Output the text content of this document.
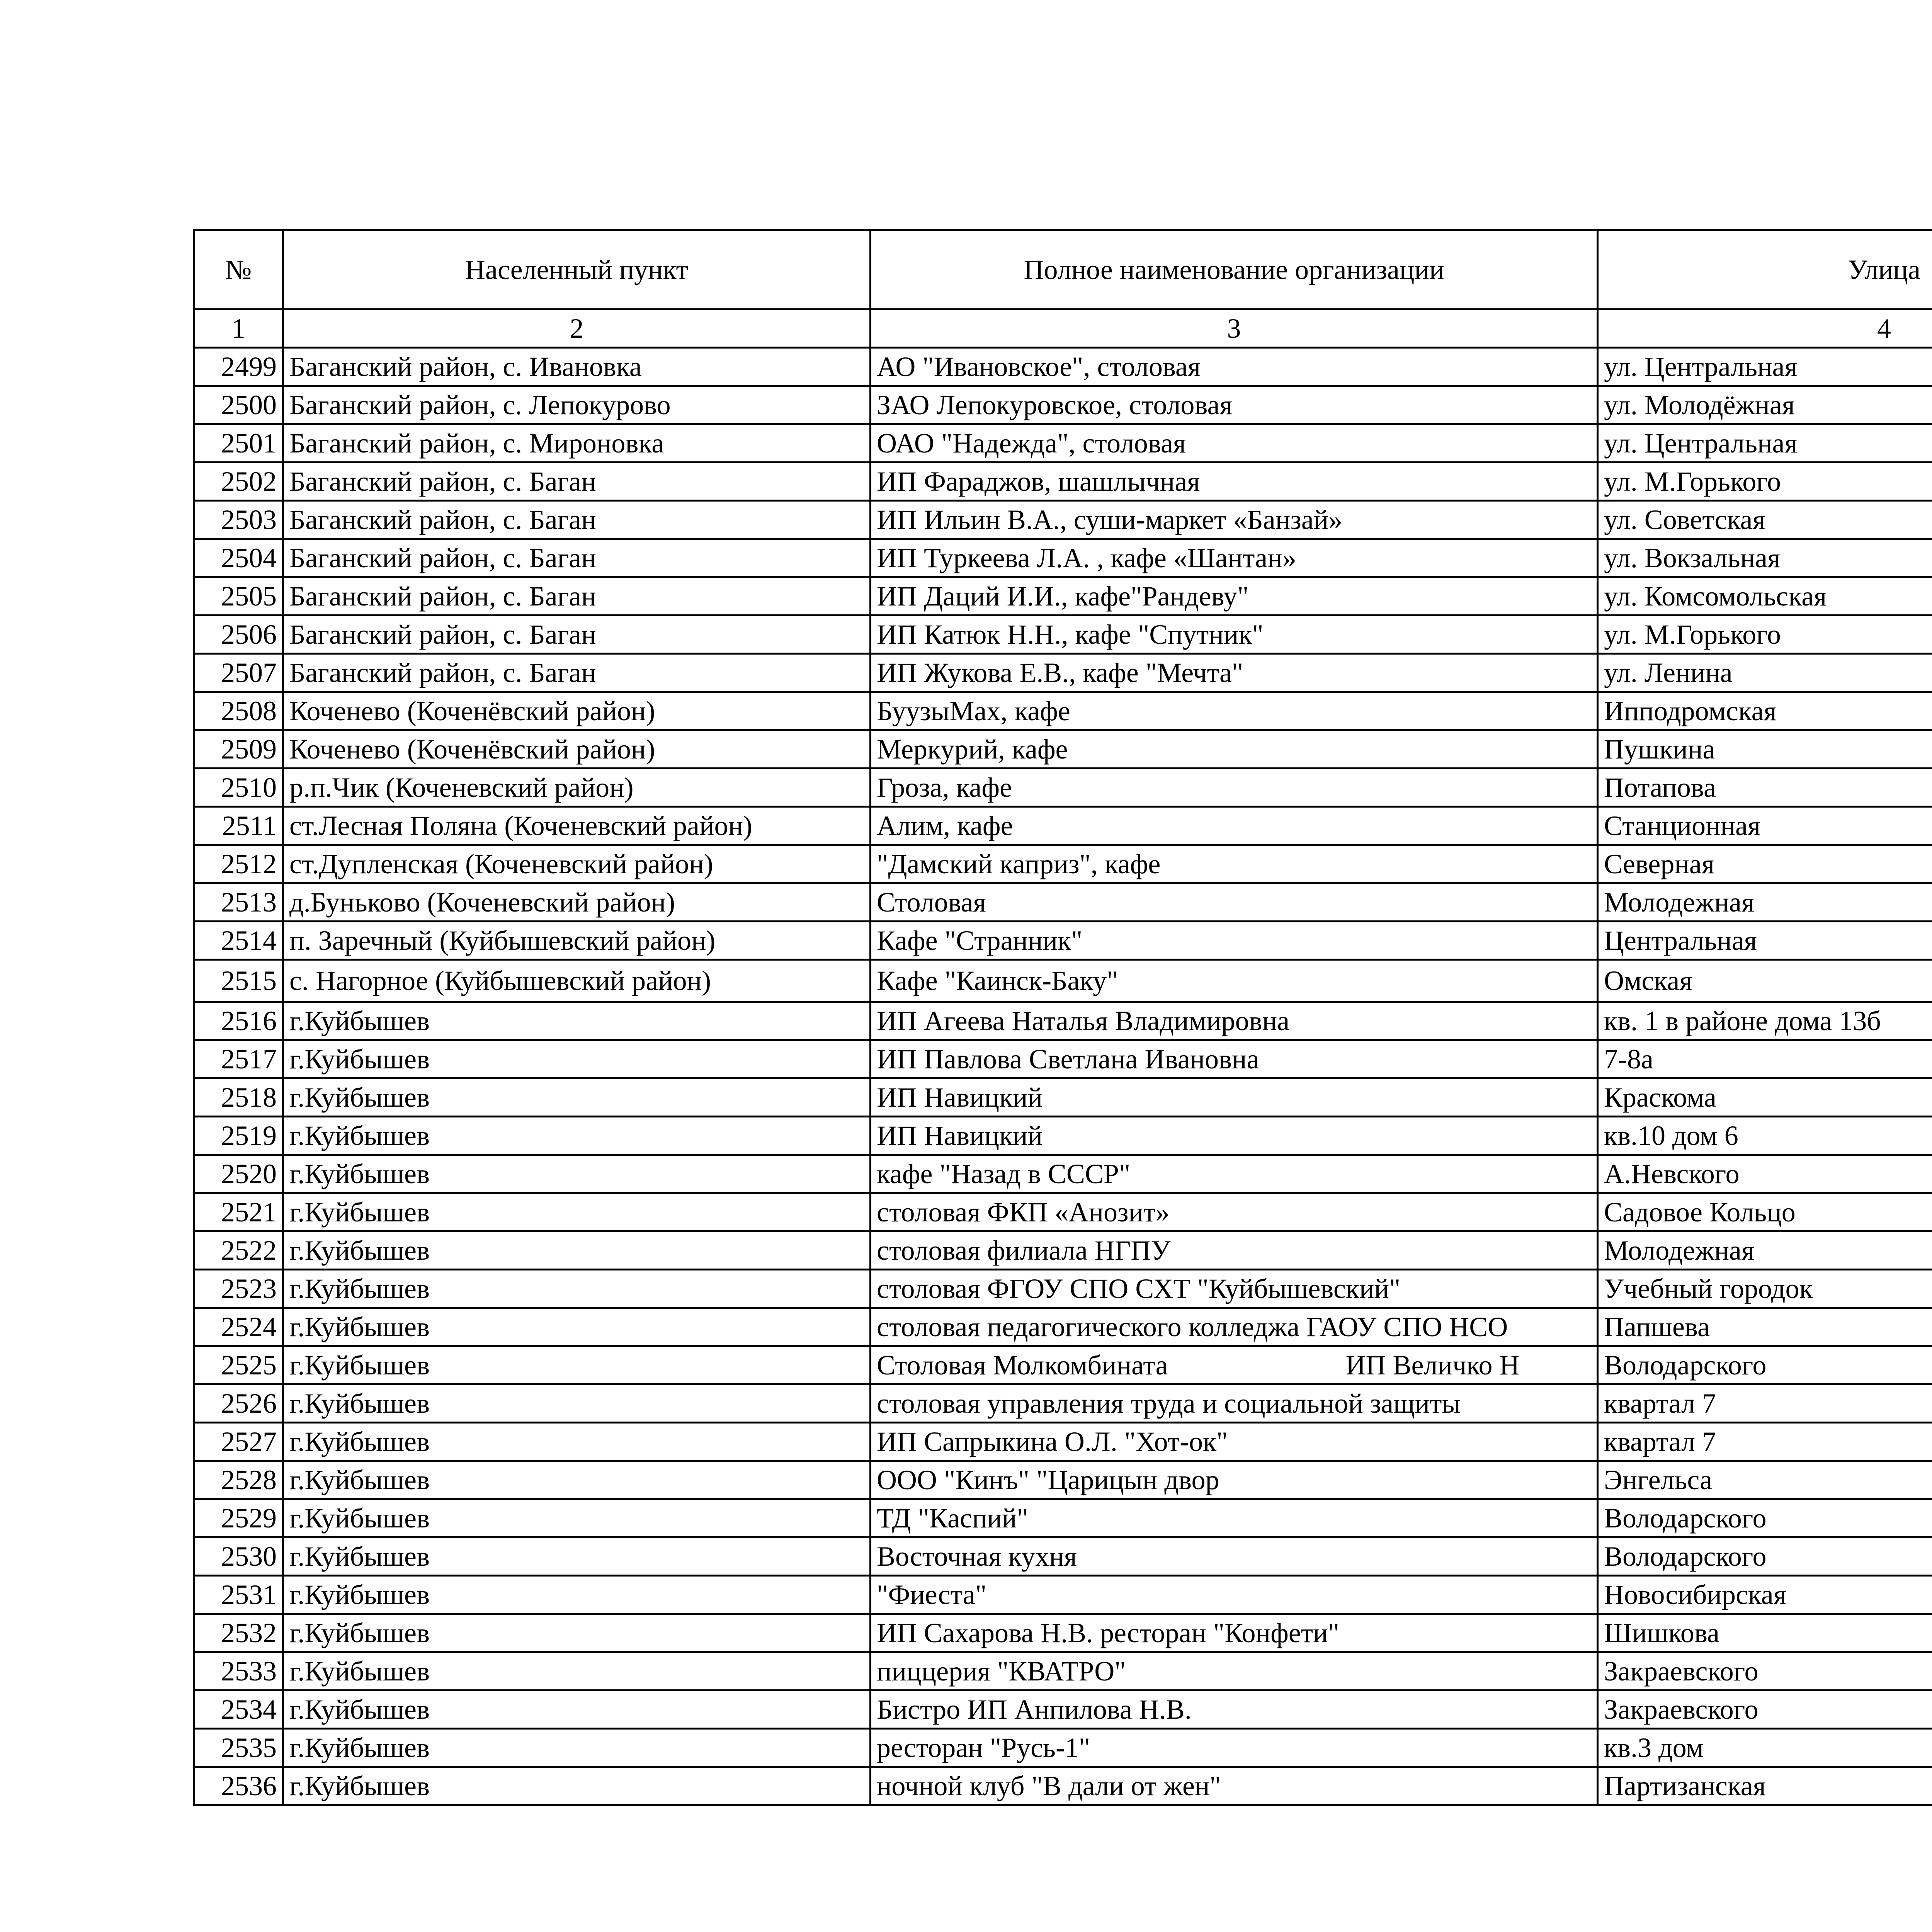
№	Населенный пункт	Полное наименование организации	Улица	
1	2	3	4	
2499	Баганский район, с. Ивановка	АО "Ивановское", столовая	ул. Центральная	
2500	Баганский район, с. Лепокурово	ЗАО Лепокуровское, столовая	ул. Молодёжная	
2501	Баганский район, с. Мироновка	ОАО "Надежда", столовая	ул. Центральная	
2502	Баганский район, с. Баган	ИП Фараджов, шашлычная	ул. М.Горького	
2503	Баганский район, с. Баган	ИП Ильин В.А., суши-маркет «Банзай»	ул. Советская	
2504	Баганский район, с. Баган	ИП Туркеева Л.А. , кафе «Шантан»	ул. Вокзальная	
2505	Баганский район, с. Баган	ИП Даций И.И., кафе"Рандеву"	ул. Комсомольская	
2506	Баганский район, с. Баган	ИП Катюк Н.Н., кафе "Спутник"	ул. М.Горького	
2507	Баганский район, с. Баган	ИП Жукова Е.В., кафе "Мечта"	ул. Ленина	
2508	Коченево (Коченёвский район)	БуузыMax, кафе	Ипподромская	
2509	Коченево (Коченёвский район)	Меркурий, кафе	Пушкина	
2510	р.п.Чик (Коченевский район)	Гроза, кафе	Потапова	
2511	ст.Лесная Поляна (Коченевский район)	Алим, кафе	Станционная	
2512	ст.Дупленская (Коченевский район)	"Дамский каприз", кафе	Северная	
2513	д.Буньково (Коченевский район)	Столовая	Молодежная	
2514	п. Заречный (Куйбышевский район)	Кафе "Странник"	Центральная	
2515	с. Нагорное (Куйбышевский район)	Кафе "Каинск-Баку"	Омская	
2516	г.Куйбышев	ИП Агеева Наталья Владимировна	кв. 1 в районе дома 13б	
2517	г.Куйбышев	ИП Павлова Светлана Ивановна	7-8а	
2518	г.Куйбышев	ИП Навицкий	Краскома	
2519	г.Куйбышев	ИП Навицкий	кв.10 дом 6	
2520	г.Куйбышев	кафе "Назад в СССР"	А.Невского	
2521	г.Куйбышев	столовая ФКП «Анозит»	Садовое Кольцо	
2522	г.Куйбышев	столовая филиала НГПУ	Молодежная	
2523	г.Куйбышев	столовая ФГОУ СПО СХТ "Куйбышевский"	Учебный городок	
2524	г.Куйбышев	столовая педагогического колледжа ГАОУ СПО НСО	Папшева	
2525	г.Куйбышев	Столовая Молкомбината ИП Величко Н	Володарского	
2526	г.Куйбышев	столовая управления труда и социальной защиты	квартал 7	
2527	г.Куйбышев	ИП Сапрыкина О.Л. "Хот-ок"	квартал 7	
2528	г.Куйбышев	ООО "Кинъ" "Царицын двор	Энгельса	
2529	г.Куйбышев	ТД "Каспий"	Володарского	
2530	г.Куйбышев	Восточная кухня	Володарского	
2531	г.Куйбышев	"Фиеста"	Новосибирская	
2532	г.Куйбышев	ИП Сахарова Н.В. ресторан "Конфети"	Шишкова	
2533	г.Куйбышев	пиццерия "КВАТРО"	Закраевского	
2534	г.Куйбышев	Бистро ИП Анпилова Н.В.	Закраевского	
2535	г.Куйбышев	ресторан "Русь-1"	кв.3 дом	
2536	г.Куйбышев	ночной клуб "В дали от жен"	Партизанская	
